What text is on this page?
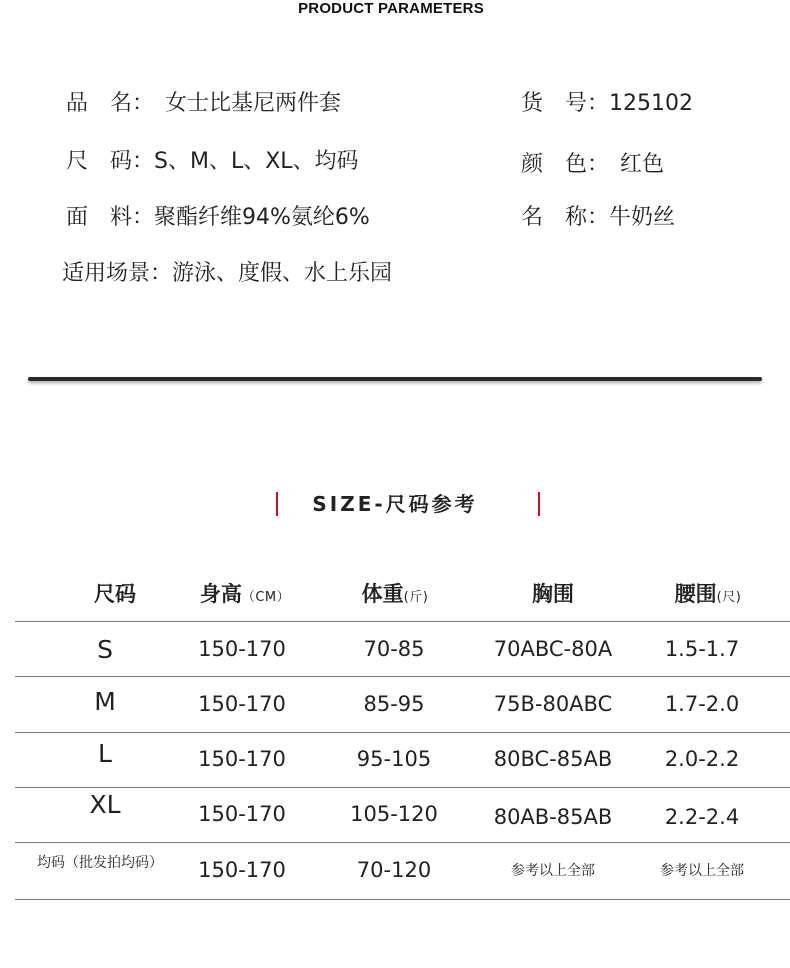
PRODUCT PARAMETERS
品　名：　女士比基尼两件套	货　号：125102
尺　码：S、M、L、XL、均码	颜　色：　红色
面　料：聚酯纤维94%氨纶6%	名　称：牛奶丝
适用场景：游泳、度假、水上乐园
SIZE-尺码参考
尺码	身高（CM）	体重(斤)	胸围	腰围(尺)
S	150-170	70-85	70ABC-80A	1.5-1.7
M	150-170	85-95	75B-80ABC	1.7-2.0
L	150-170	95-105	80BC-85AB	2.0-2.2
XL	150-170	105-120	80AB-85AB	2.2-2.4
均码（批发拍均码）	150-170	70-120	参考以上全部	参考以上全部
